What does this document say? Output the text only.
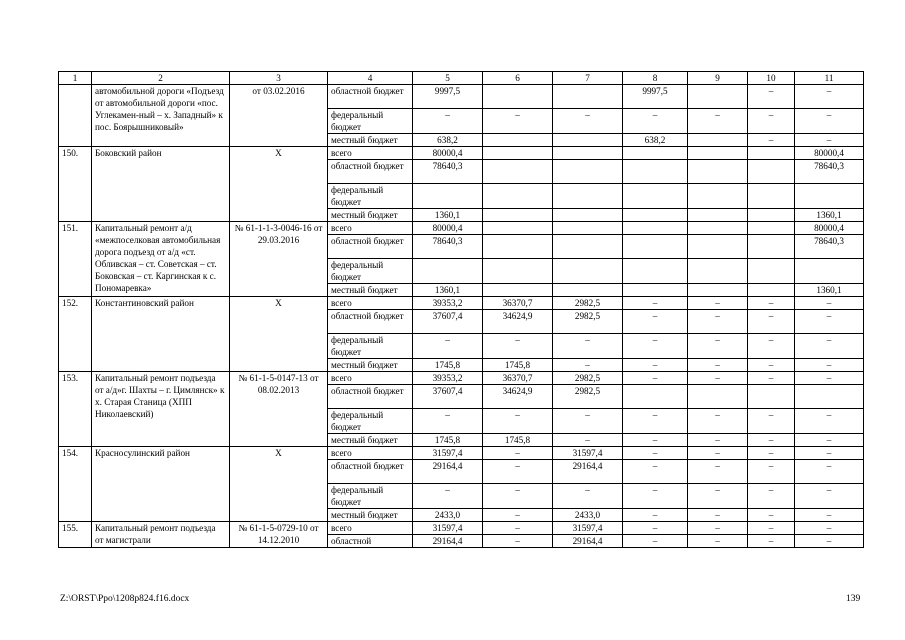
1	2	3	4	5	6	7	8	9	10	11
	автомобильной дороги «Подъезд от автомобильной дороги «пос. Углекамен-ный – х. Западный» к пос. Боярышниковый»	от 03.02.2016	областной бюджет	9997,5			9997,5		–	–
			федеральный бюджет	–	–	–	–	–	–	–
			местный бюджет	638,2			638,2		–	–
150.	Боковский район	Х	всего	80000,4						80000,4
			областной бюджет	78640,3						78640,3
			федеральный бюджет							
			местный бюджет	1360,1						1360,1
151.	Капитальный ремонт а/д «межпоселковая автомобильная дорога подъезд от а/д «ст. Обливская – ст. Советская – ст. Боковская – ст. Каргинская к с. Пономаревка»	№ 61-1-1-3-0046-16 от 29.03.2016	всего	80000,4						80000,4
			областной бюджет	78640,3						78640,3
			федеральный бюджет							
			местный бюджет	1360,1						1360,1
152.	Константиновский район	Х	всего	39353,2	36370,7	2982,5	–	–	–	–
			областной бюджет	37607,4	34624,9	2982,5	–	–	–	–
			федеральный бюджет	–	–	–	–	–	–	–
			местный бюджет	1745,8	1745,8	–	–	–	–	–
153.	Капитальный ремонт подъезда от а/д»г. Шахты – г. Цимлянск» к х. Старая Станица (ХПП Николаевский)	№ 61-1-5-0147-13 от 08.02.2013	всего	39353,2	36370,7	2982,5	–	–	–	–
			областной бюджет	37607,4	34624,9	2982,5				
			федеральный бюджет	–	–	–	–	–	–	–
			местный бюджет	1745,8	1745,8	–	–	–	–	–
154.	Красносулинский район	Х	всего	31597,4	–	31597,4	–	–	–	–
			областной бюджет	29164,4	–	29164,4	–	–	–	–
			федеральный бюджет	–	–	–	–	–	–	–
			местный бюджет	2433,0	–	2433,0	–	–	–	–
155.	Капитальный ремонт подъезда от магистрали	№ 61-1-5-0729-10 от 14.12.2010	всего	31597,4	–	31597,4	–	–	–	–
			областной	29164,4	–	29164,4	–	–	–	–
Z:\ORST\Ppo\1208p824.f16.docx	139
